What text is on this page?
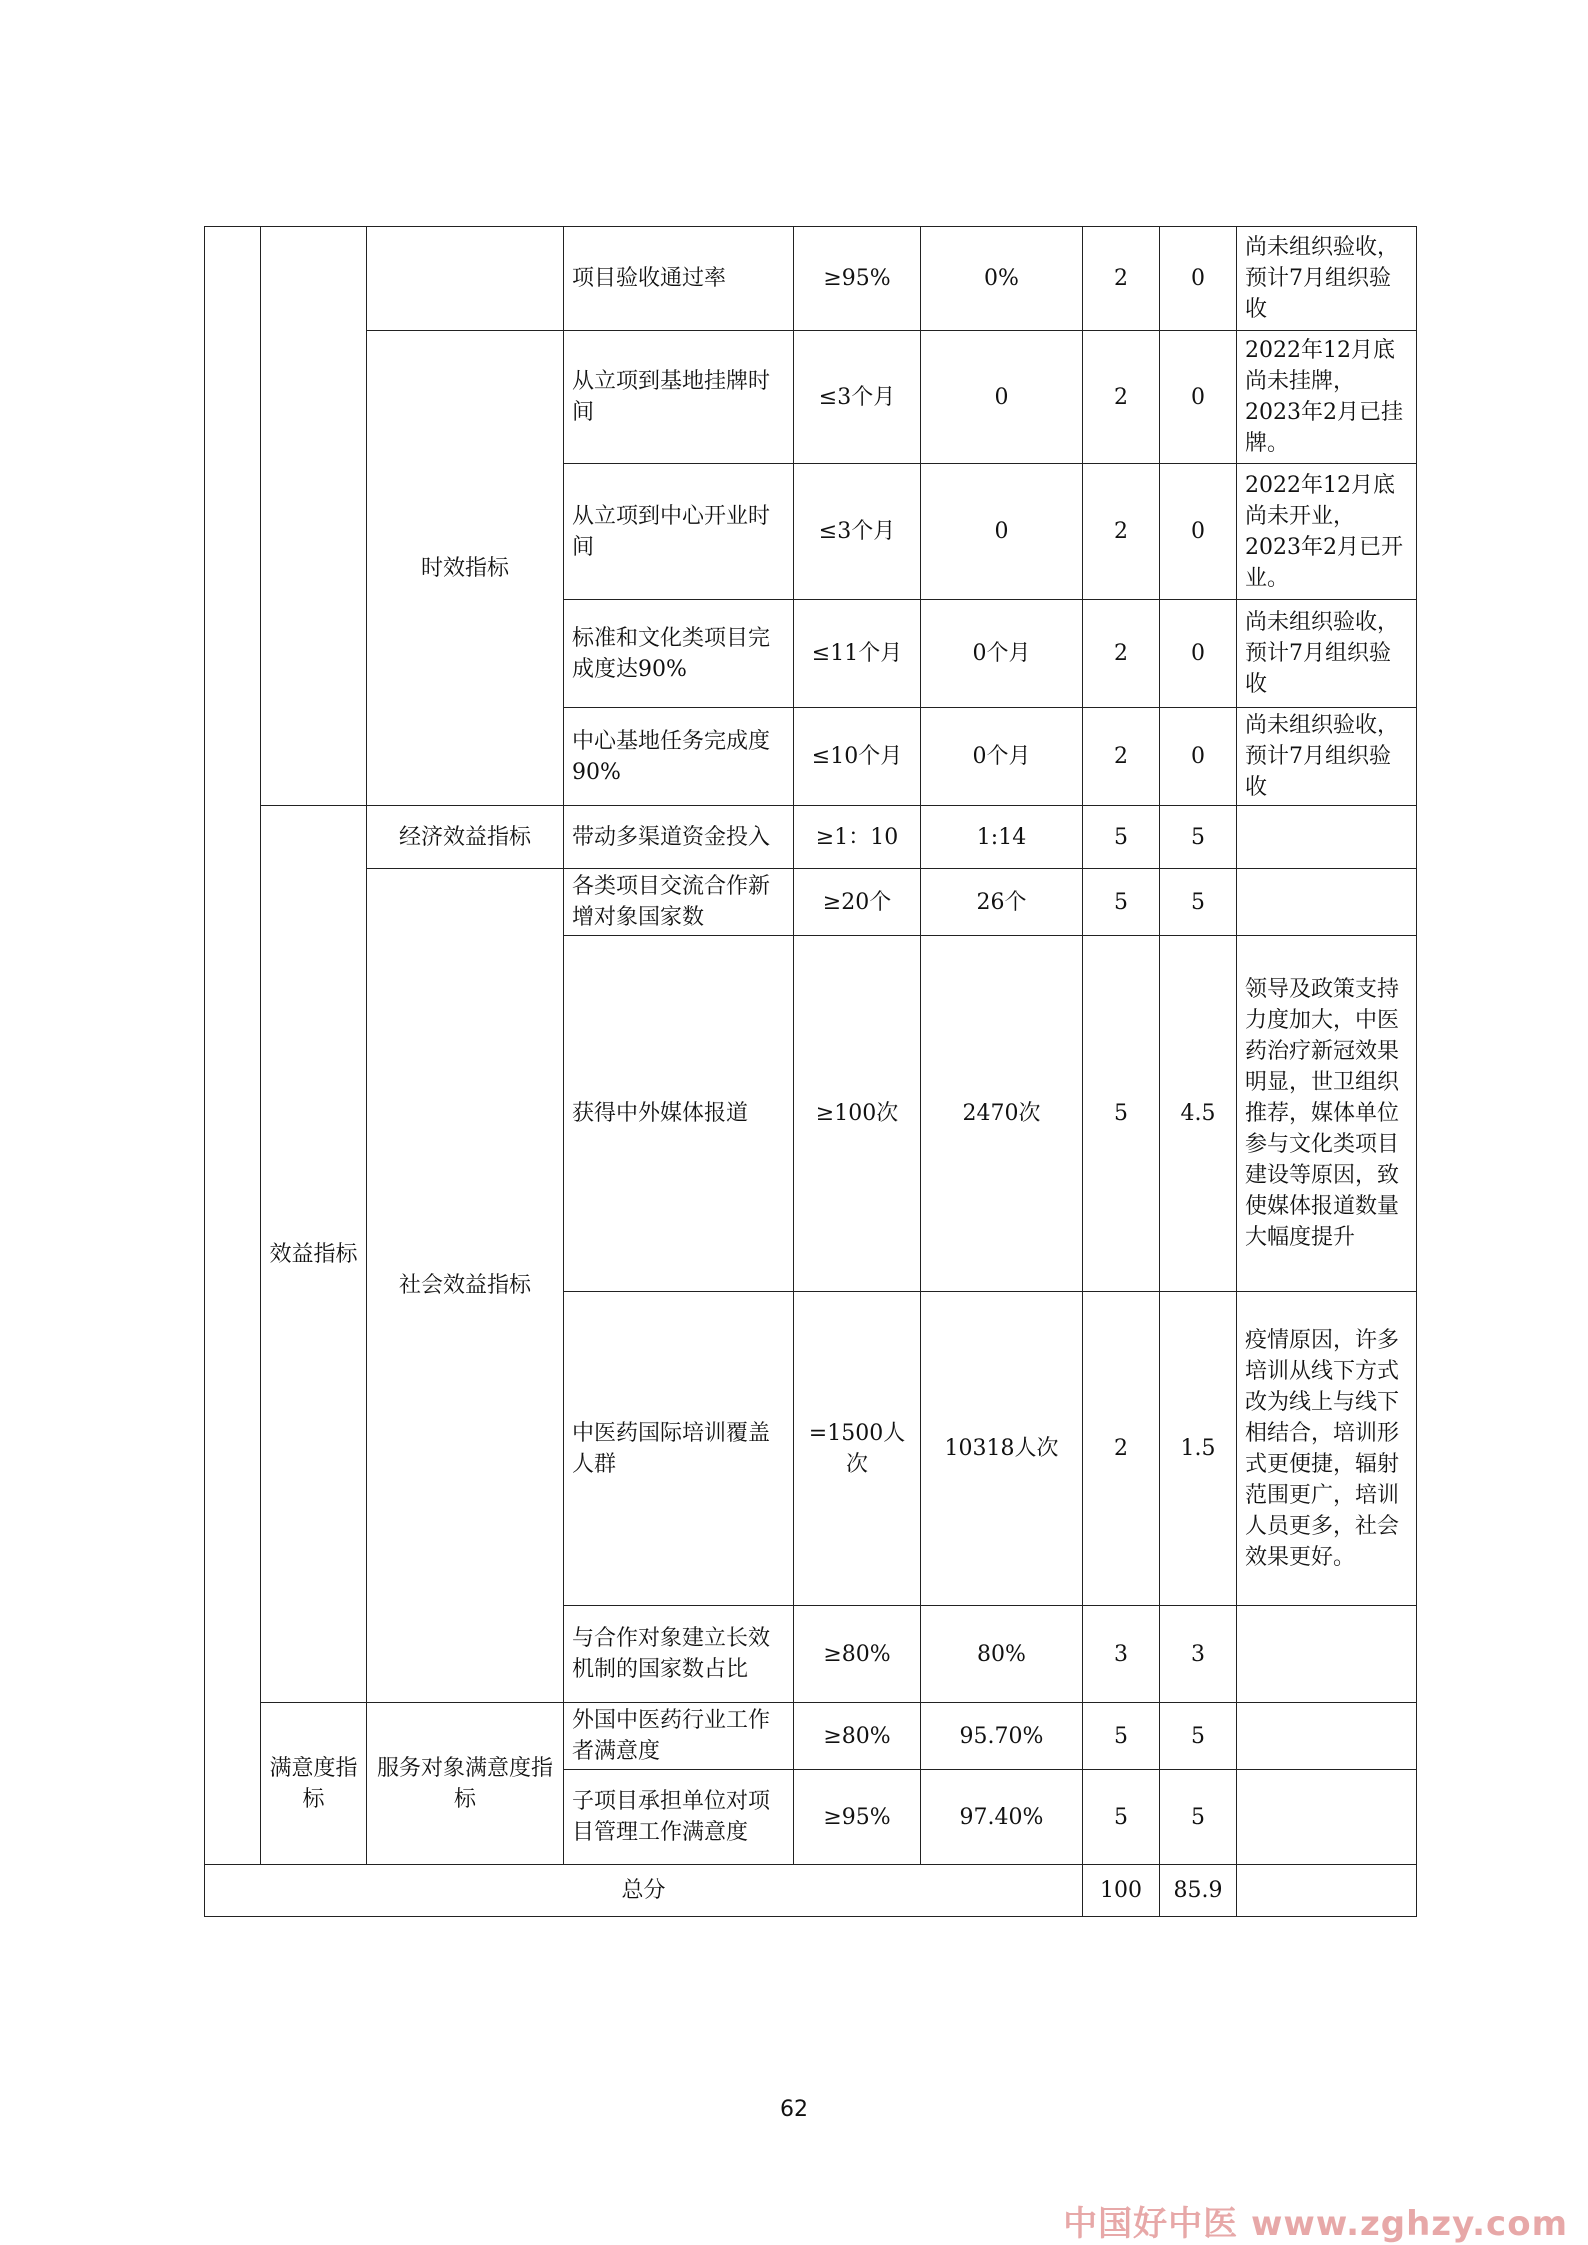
			项目验收通过率	≥95%	0%	2	0	尚未组织验收，预计7月组织验收
		时效指标	从立项到基地挂牌时间	≤3个月	0	2	0	2022年12月底尚未挂牌，2023年2月已挂牌。
			从立项到中心开业时间	≤3个月	0	2	0	2022年12月底尚未开业，2023年2月已开业。
			标准和文化类项目完成度达90%	≤11个月	0个月	2	0	尚未组织验收，预计7月组织验收
			中心基地任务完成度90%	≤10个月	0个月	2	0	尚未组织验收，预计7月组织验收
	效益指标	经济效益指标	带动多渠道资金投入	≥1：10	1:14	5	5	
		社会效益指标	各类项目交流合作新增对象国家数	≥20个	26个	5	5	
			获得中外媒体报道	≥100次	2470次	5	4.5	领导及政策支持力度加大，中医药治疗新冠效果明显，世卫组织推荐，媒体单位参与文化类项目建设等原因，致使媒体报道数量大幅度提升
			中医药国际培训覆盖人群	=1500人次	10318人次	2	1.5	疫情原因，许多培训从线下方式改为线上与线下相结合，培训形式更便捷，辐射范围更广，培训人员更多，社会效果更好。
			与合作对象建立长效机制的国家数占比	≥80%	80%	3	3	
	满意度指标	服务对象满意度指标	外国中医药行业工作者满意度	≥80%	95.70%	5	5	
			子项目承担单位对项目管理工作满意度	≥95%	97.40%	5	5	
总分						100	85.9	
62
中国好中医 www.zghzy.com
